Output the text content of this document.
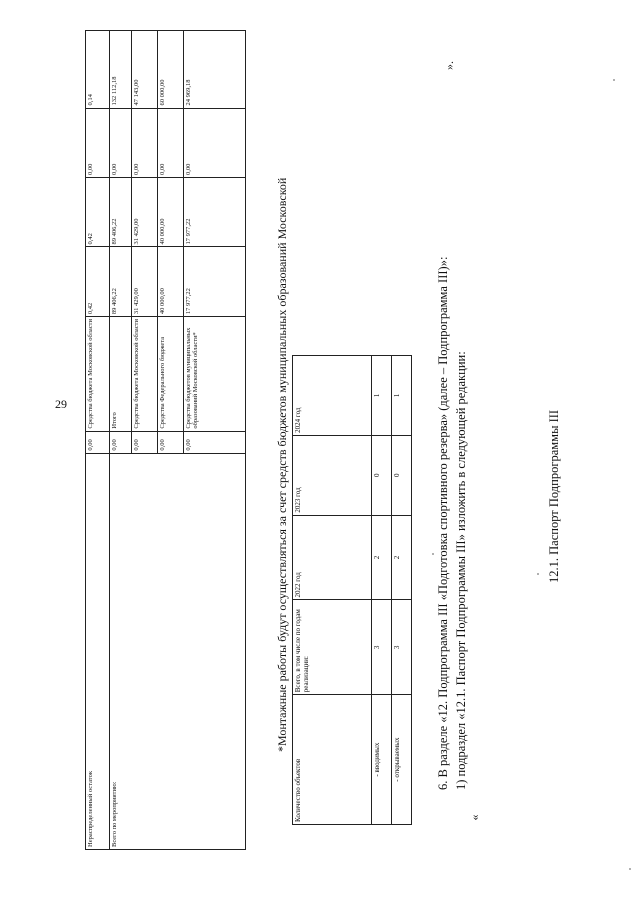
29
Нераспределенный остаток	0,00	Средства бюджета Московской области	0,42	0,42	0,00	0,14
Всего по мероприятию:	0,00	Итого	89 406,22	89 406,22	0,00	132 112,18
	0,00	Средства бюджета Московской области	31 429,00	31 429,00	0,00	47 143,00
	0,00	Средства Федерального бюджета	40 000,00	40 000,00	0,00	60 000,00
	0,00	Средства бюджетов муниципальных образований Московской области*	17 977,22	17 977,22	0,00	24 969,18
*Монтажные работы будут осуществляться за счет средств бюджетов муниципальных образований Московской
Количество объектов	Всего, в том числе по годам реализации:	2022 год	2023 год	2024 год
- вводимых	3	2	0	1
- открываемых	3	2	0	1
».
«
6. В разделе «12. Подпрограмма III «Подготовка спортивного резерва» (далее – Подпрограмма III)»: 1) подраздел «12.1. Паспорт Подпрограммы III» изложить в следующей редакции:	12.1. Паспорт Подпрограммы III
